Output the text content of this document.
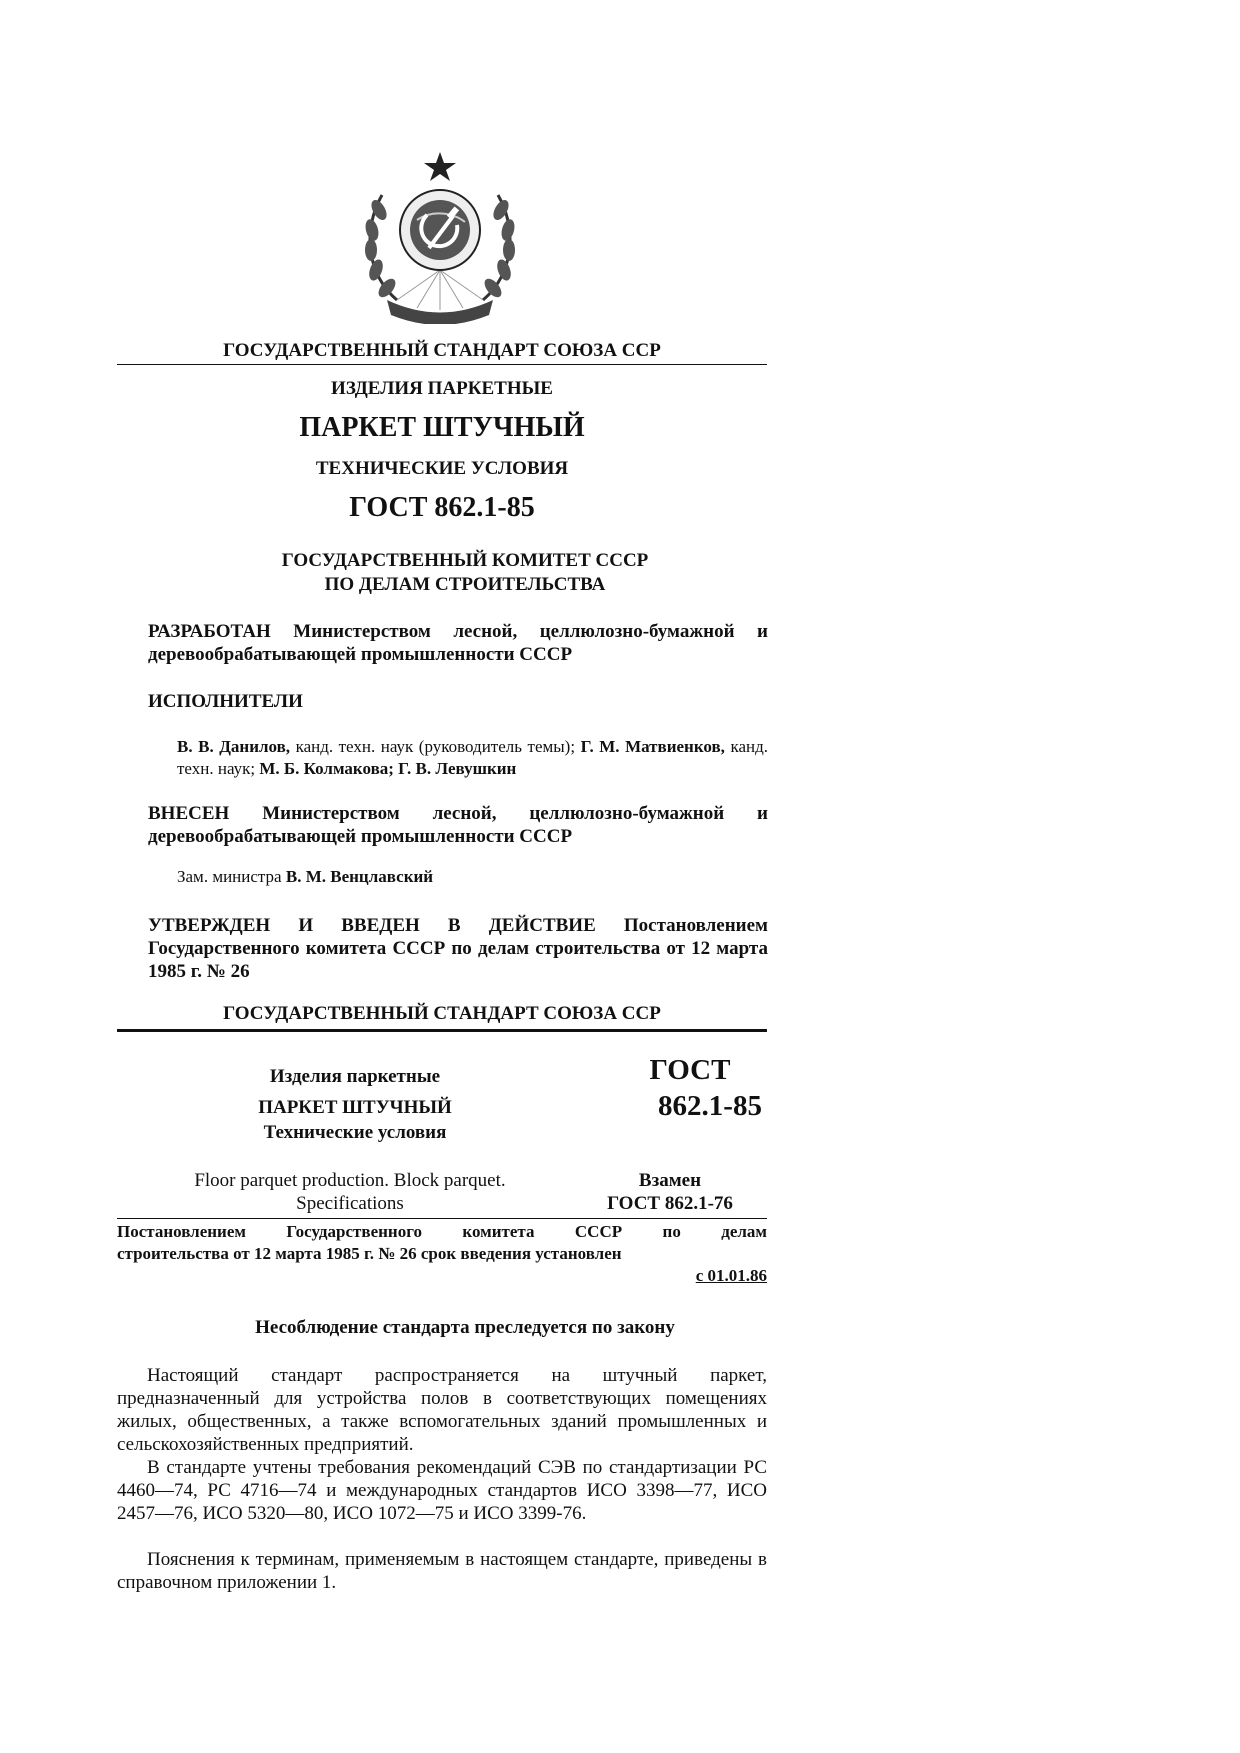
ГОСУДАРСТВЕННЫЙ СТАНДАРТ СОЮЗА ССР
ИЗДЕЛИЯ ПАРКЕТНЫЕ
ПАРКЕТ ШТУЧНЫЙ
ТЕХНИЧЕСКИЕ УСЛОВИЯ
ГОСТ 862.1-85
ГОСУДАРСТВЕННЫЙ КОМИТЕТ СССР
ПО ДЕЛАМ СТРОИТЕЛЬСТВА
РАЗРАБОТАН Министерством лесной, целлюлозно-бумажной и деревообрабатывающей промышленности СССР
ИСПОЛНИТЕЛИ
В. В. Данилов, канд. техн. наук (руководитель темы); Г. М. Матвиенков, канд. техн. наук; М. Б. Колмакова; Г. В. Левушкин
ВНЕСЕН Министерством лесной, целлюлозно-бумажной и деревообрабатывающей промышленности СССР
Зам. министра В. М. Венцлавский
УТВЕРЖДЕН И ВВЕДЕН В ДЕЙСТВИЕ Постановлением Государственного комитета СССР по делам строительства от 12 марта 1985 г. № 26
ГОСУДАРСТВЕННЫЙ СТАНДАРТ СОЮЗА ССР
Изделия паркетные
ПАРКЕТ ШТУЧНЫЙ
Технические условия
ГОСТ
862.1-85
Floor parquet production. Block parquet.
Specifications
Взамен
ГОСТ 862.1-76
Постановлением Государственного комитета СССР по делам
строительства от 12 марта 1985 г. № 26 срок введения установлен
с 01.01.86
Несоблюдение стандарта преследуется по закону
Настоящий стандарт распространяется на штучный паркет, предназначенный для устройства полов в соответствующих помещениях жилых, общественных, а также вспомогательных зданий промышленных и сельскохозяйственных предприятий.
В стандарте учтены требования рекомендаций СЭВ по стандартизации РС 4460—74, РС 4716—74 и международных стандартов ИСО 3398—77, ИСО 2457—76, ИСО 5320—80, ИСО 1072—75 и ИСО 3399-76.
Пояснения к терминам, применяемым в настоящем стандарте, приведены в справочном приложении 1.
